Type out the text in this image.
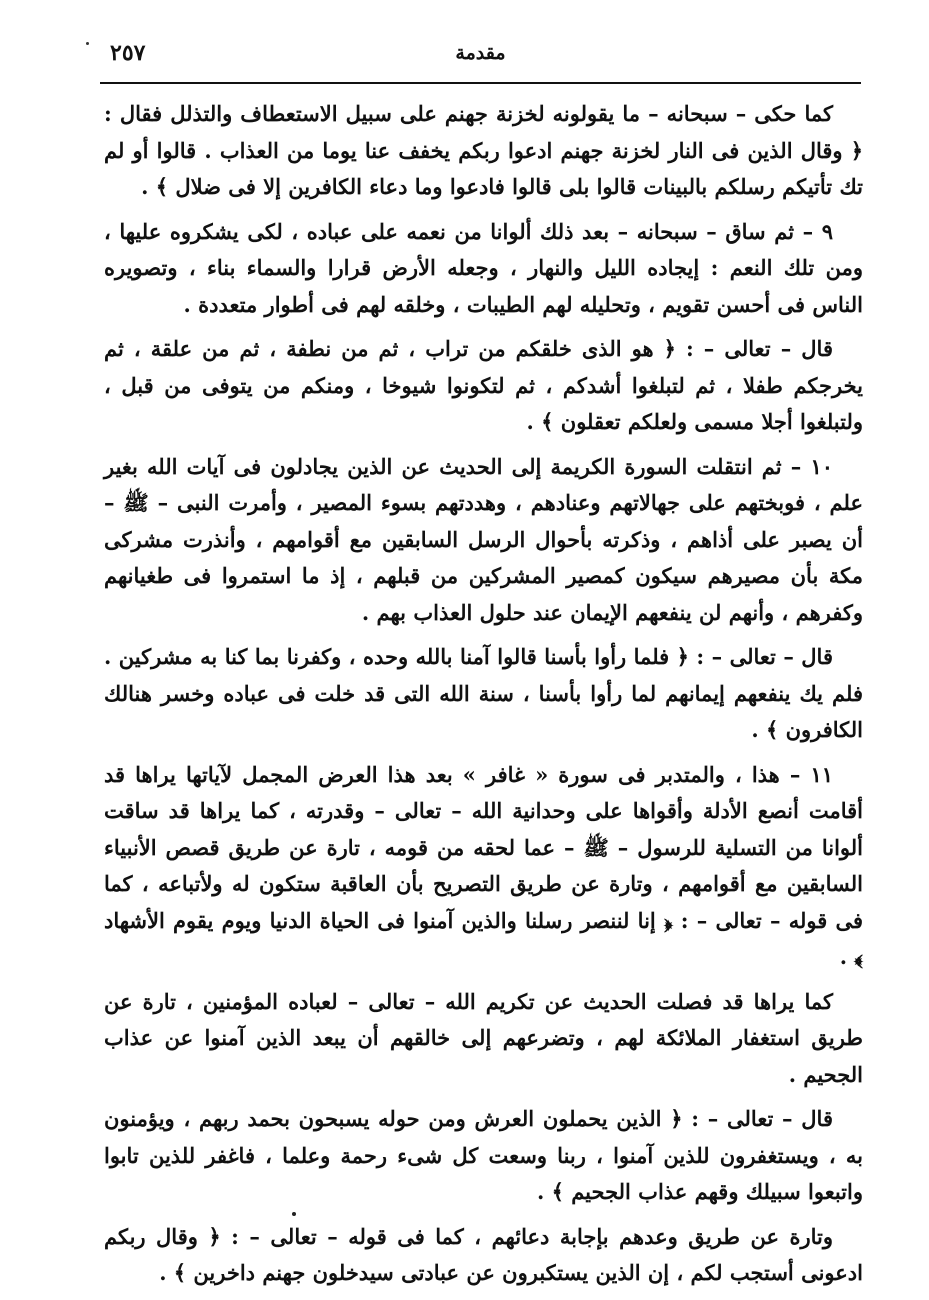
٢٥٧	مقدمة

كما حكى – سبحانه – ما يقولونه لخزنة جهنم على سبيل الاستعطاف والتذلل فقال : ﴿ وقال الذين فى النار لخزنة جهنم ادعوا ربكم يخفف عنا يوما من العذاب . قالوا أو لم تك تأتيكم رسلكم بالبينات قالوا بلى قالوا فادعوا وما دعاء الكافرين إلا فى ضلال ﴾ .

٩ – ثم ساق – سبحانه – بعد ذلك ألوانا من نعمه على عباده ، لكى يشكروه عليها ، ومن تلك النعم : إيجاده الليل والنهار ، وجعله الأرض قرارا والسماء بناء ، وتصويره الناس فى أحسن تقويم ، وتحليله لهم الطيبات ، وخلقه لهم فى أطوار متعددة .

قال – تعالى – : ﴿ هو الذى خلقكم من تراب ، ثم من نطفة ، ثم من علقة ، ثم يخرجكم طفلا ، ثم لتبلغوا أشدكم ، ثم لتكونوا شيوخا ، ومنكم من يتوفى من قبل ، ولتبلغوا أجلا مسمى ولعلكم تعقلون ﴾ .

١٠ – ثم انتقلت السورة الكريمة إلى الحديث عن الذين يجادلون فى آيات الله بغير علم ، فوبختهم على جهالاتهم وعنادهم ، وهددتهم بسوء المصير ، وأمرت النبى – ﷺ – أن يصبر على أذاهم ، وذكرته بأحوال الرسل السابقين مع أقوامهم ، وأنذرت مشركى مكة بأن مصيرهم سيكون كمصير المشركين من قبلهم ، إذ ما استمروا فى طغيانهم وكفرهم ، وأنهم لن ينفعهم الإيمان عند حلول العذاب بهم .

قال – تعالى – : ﴿ فلما رأوا بأسنا قالوا آمنا بالله وحده ، وكفرنا بما كنا به مشركين . فلم يك ينفعهم إيمانهم لما رأوا بأسنا ، سنة الله التى قد خلت فى عباده وخسر هنالك الكافرون ﴾ .

١١ – هذا ، والمتدبر فى سورة « غافر » بعد هذا العرض المجمل لآياتها يراها قد أقامت أنصع الأدلة وأقواها على وحدانية الله – تعالى – وقدرته ، كما يراها قد ساقت ألوانا من التسلية للرسول – ﷺ – عما لحقه من قومه ، تارة عن طريق قصص الأنبياء السابقين مع أقوامهم ، وتارة عن طريق التصريح بأن العاقبة ستكون له ولأتباعه ، كما فى قوله – تعالى – : ﴿ إنا لننصر رسلنا والذين آمنوا فى الحياة الدنيا ويوم يقوم الأشهاد ﴾ .

كما يراها قد فصلت الحديث عن تكريم الله – تعالى – لعباده المؤمنين ، تارة عن طريق استغفار الملائكة لهم ، وتضرعهم إلى خالقهم أن يبعد الذين آمنوا عن عذاب الجحيم .

قال – تعالى – : ﴿ الذين يحملون العرش ومن حوله يسبحون بحمد ربهم ، ويؤمنون به ، ويستغفرون للذين آمنوا ، ربنا وسعت كل شىء رحمة وعلما ، فاغفر للذين تابوا واتبعوا سبيلك وقهم عذاب الجحيم ﴾ .

وتارة عن طريق وعدهم بإجابة دعائهم ، كما فى قوله – تعالى – : ﴿ وقال ربكم ادعونى أستجب لكم ، إن الذين يستكبرون عن عبادتى سيدخلون جهنم داخرين ﴾ .
